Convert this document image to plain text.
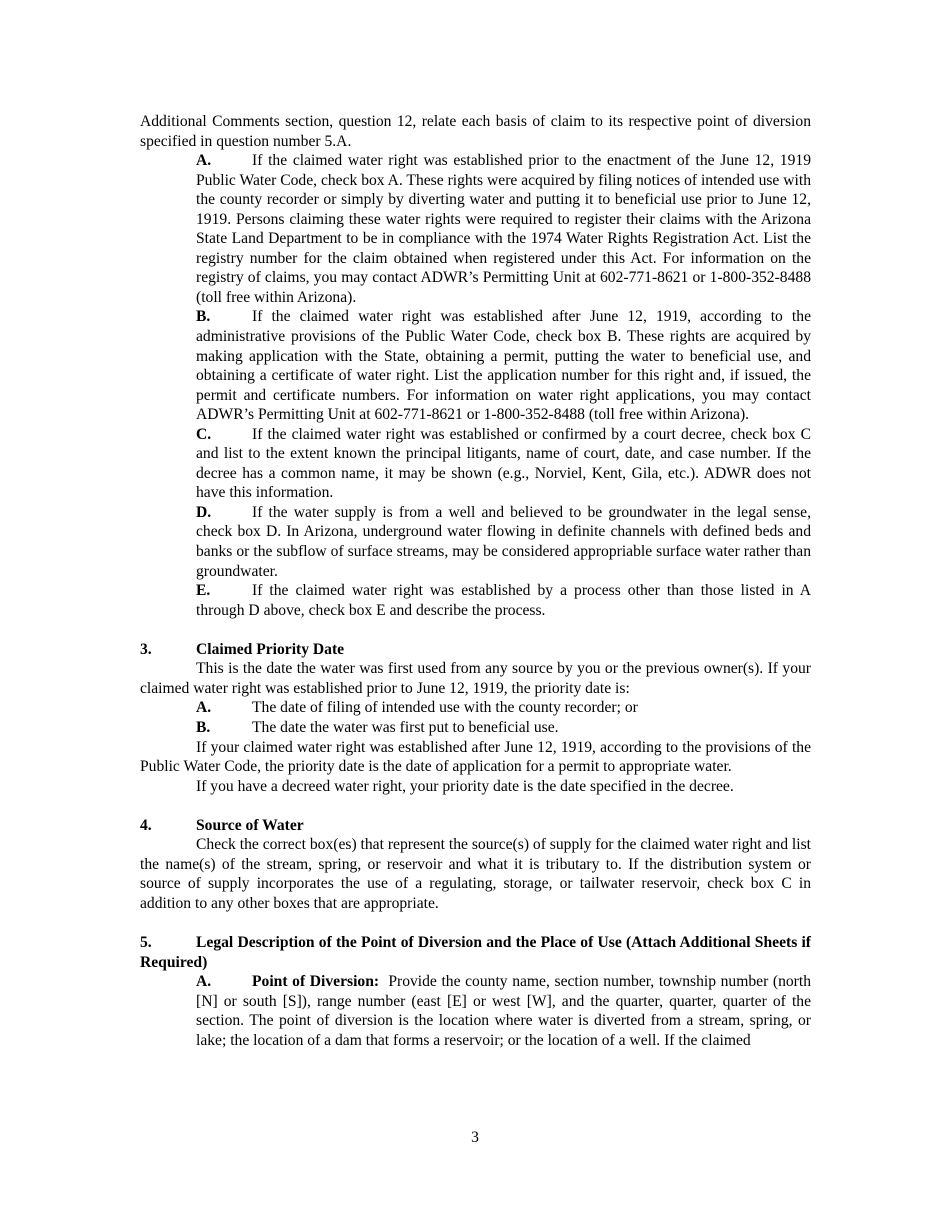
Additional Comments section, question 12, relate each basis of claim to its respective point of diversion specified in question number 5.A.

A.	If the claimed water right was established prior to the enactment of the June 12, 1919 Public Water Code, check box A. These rights were acquired by filing notices of intended use with the county recorder or simply by diverting water and putting it to beneficial use prior to June 12, 1919. Persons claiming these water rights were required to register their claims with the Arizona State Land Department to be in compliance with the 1974 Water Rights Registration Act. List the registry number for the claim obtained when registered under this Act. For information on the registry of claims, you may contact ADWR’s Permitting Unit at 602-771-8621 or 1-800-352-8488 (toll free within Arizona).

B.	If the claimed water right was established after June 12, 1919, according to the administrative provisions of the Public Water Code, check box B. These rights are acquired by making application with the State, obtaining a permit, putting the water to beneficial use, and obtaining a certificate of water right. List the application number for this right and, if issued, the permit and certificate numbers. For information on water right applications, you may contact ADWR’s Permitting Unit at 602-771-8621 or 1-800-352-8488 (toll free within Arizona).

C.	If the claimed water right was established or confirmed by a court decree, check box C and list to the extent known the principal litigants, name of court, date, and case number. If the decree has a common name, it may be shown (e.g., Norviel, Kent, Gila, etc.). ADWR does not have this information.

D.	If the water supply is from a well and believed to be groundwater in the legal sense, check box D. In Arizona, underground water flowing in definite channels with defined beds and banks or the subflow of surface streams, may be considered appropriable surface water rather than groundwater.

E.	If the claimed water right was established by a process other than those listed in A through D above, check box E and describe the process.

3.	Claimed Priority Date

This is the date the water was first used from any source by you or the previous owner(s). If your claimed water right was established prior to June 12, 1919, the priority date is:

A.	The date of filing of intended use with the county recorder; or

B.	The date the water was first put to beneficial use.

If your claimed water right was established after June 12, 1919, according to the provisions of the Public Water Code, the priority date is the date of application for a permit to appropriate water.

If you have a decreed water right, your priority date is the date specified in the decree.

4.	Source of Water

Check the correct box(es) that represent the source(s) of supply for the claimed water right and list the name(s) of the stream, spring, or reservoir and what it is tributary to. If the distribution system or source of supply incorporates the use of a regulating, storage, or tailwater reservoir, check box C in addition to any other boxes that are appropriate.

5.	Legal Description of the Point of Diversion and the Place of Use (Attach Additional Sheets if Required)

A.	Point of Diversion: Provide the county name, section number, township number (north [N] or south [S]), range number (east [E] or west [W], and the quarter, quarter, quarter of the section. The point of diversion is the location where water is diverted from a stream, spring, or lake; the location of a dam that forms a reservoir; or the location of a well. If the claimed

3
